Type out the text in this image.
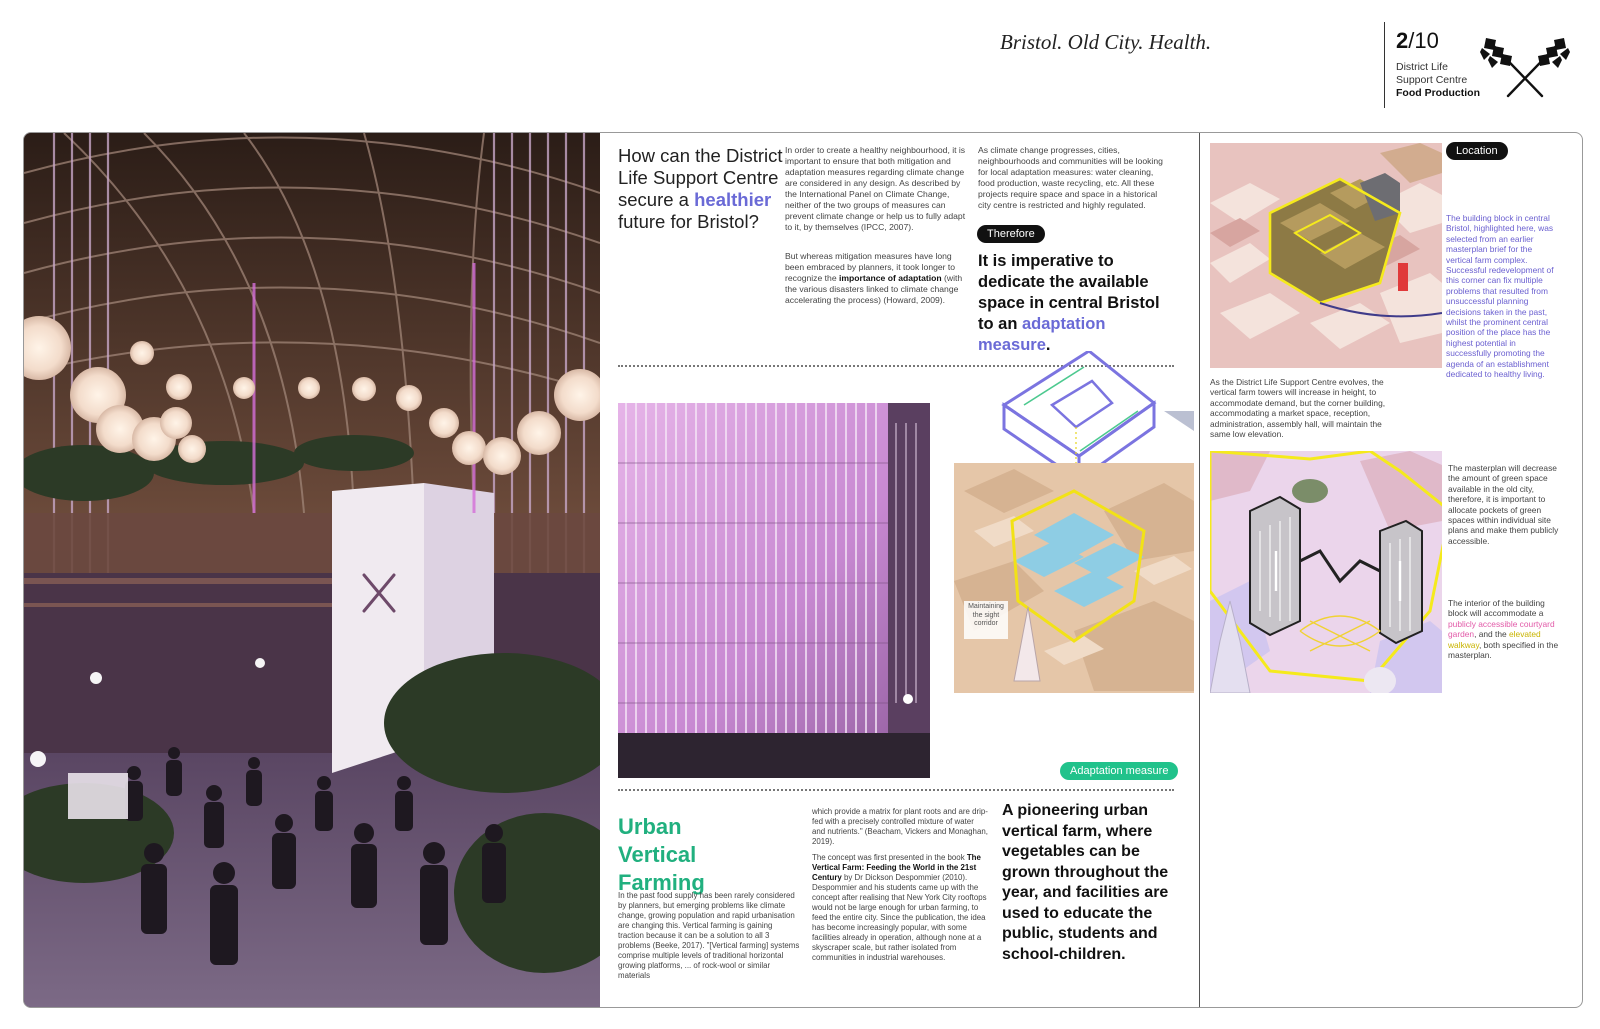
Bristol. Old City. Health.	2/10
District Life
Support Centre
Food Production
How can the District Life Support Centre secure a healthier future for Bristol?

In order to create a healthy neighbourhood, it is important to ensure that both mitigation and adaptation measures regarding climate change are considered in any design. As described by the International Panel on Climate Change, neither of the two groups of measures can prevent climate change or help us to fully adapt to it, by themselves (IPCC, 2007).

But whereas mitigation measures have long been embraced by planners, it took longer to recognize the importance of adaptation (with the various disasters linked to climate change accelerating the process) (Howard, 2009).

As climate change progresses, cities, neighbourhoods and communities will be looking for local adaptation measures: water cleaning, food production, waste recycling, etc. All these projects require space and space in a historical city centre is restricted and highly regulated.

Therefore

It is imperative to dedicate the available space in central Bristol to an adaptation measure.

Maintaining the sight corridor
Adaptation measure
Urban
Vertical
Farming

In the past food supply has been rarely considered by planners, but emerging problems like climate change, growing population and rapid urbanisation are changing this. Vertical farming is gaining traction because it can be a solution to all 3 problems (Beeke, 2017). "[Vertical farming] systems comprise multiple levels of traditional horizontal growing platforms, ... of rock-wool or similar materials

which provide a matrix for plant roots and are drip-fed with a precisely controlled mixture of water and nutrients." (Beacham, Vickers and Monaghan, 2019).

The concept was first presented in the book The Vertical Farm: Feeding the World in the 21st Century by Dr Dickson Despommier (2010). Despommier and his students came up with the concept after realising that New York City rooftops would not be large enough for urban farming, to feed the entire city. Since the publication, the idea has become increasingly popular, with some facilities already in operation, although none at a skyscraper scale, but rather isolated from communities in industrial warehouses.

A pioneering urban vertical farm, where vegetables can be grown throughout the year, and facilities are used to educate the public, students and school-children.

Location

The building block in central Bristol, highlighted here, was selected from an earlier masterplan brief for the vertical farm complex.

Successful redevelopment of this corner can fix multiple problems that resulted from unsuccessful planning decisions taken in the past, whilst the prominent central position of the place has the highest potential in successfully promoting the agenda of an establishment dedicated to healthy living.

As the District Life Support Centre evolves, the vertical farm towers will increase in height, to accommodate demand, but the corner building, accommodating a market space, reception, administration, assembly hall, will maintain the same low elevation.

The masterplan will decrease the amount of green space available in the old city, therefore, it is important to allocate pockets of green spaces within individual site plans and make them publicly accessible.

The interior of the building block will accommodate a publicly accessible courtyard garden, and the elevated walkway, both specified in the masterplan.
